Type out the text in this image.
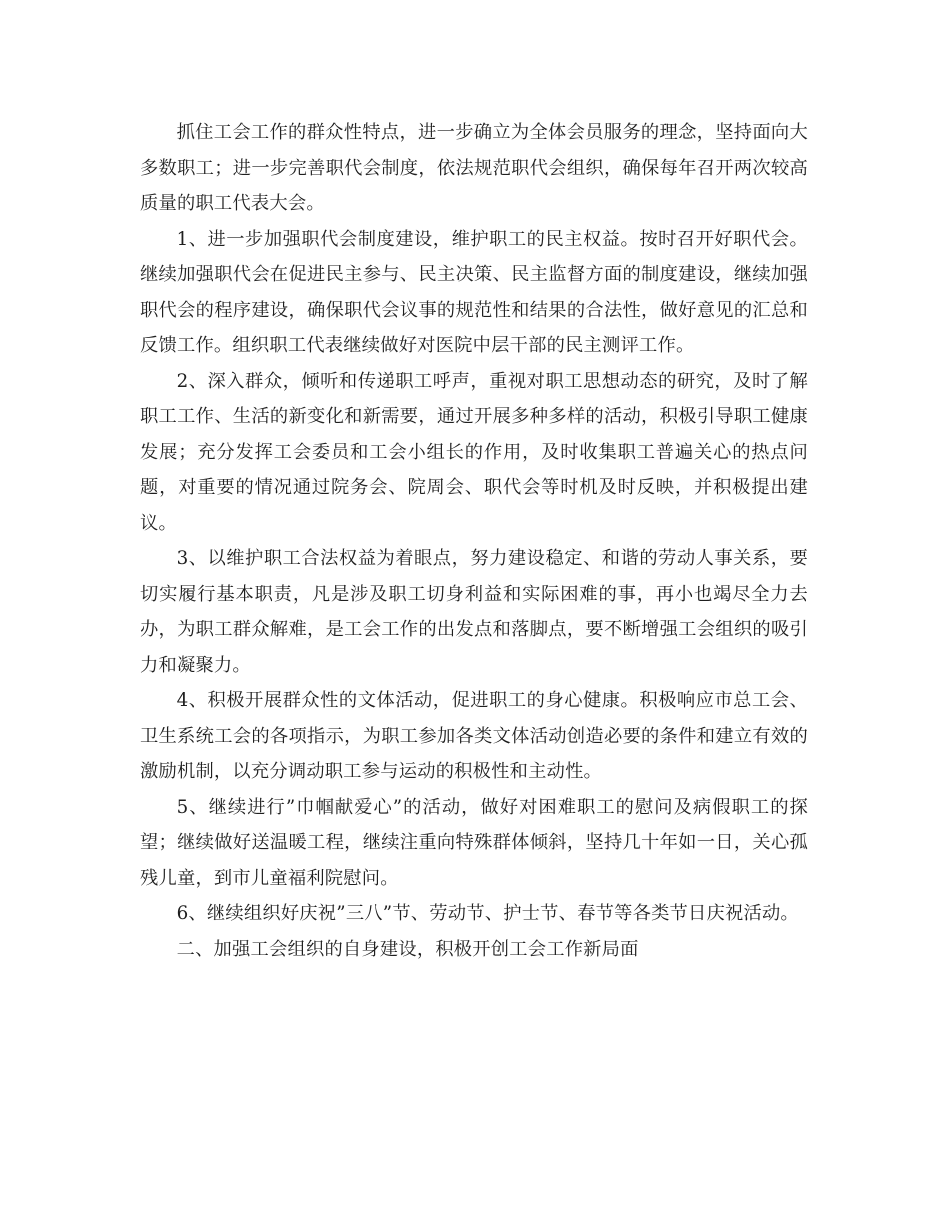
抓住工会工作的群众性特点，进一步确立为全体会员服务的理念，坚持面向大多数职工；进一步完善职代会制度，依法规范职代会组织，确保每年召开两次较高质量的职工代表大会。

1、进一步加强职代会制度建设，维护职工的民主权益。按时召开好职代会。继续加强职代会在促进民主参与、民主决策、民主监督方面的制度建设，继续加强职代会的程序建设，确保职代会议事的规范性和结果的合法性，做好意见的汇总和反馈工作。组织职工代表继续做好对医院中层干部的民主测评工作。

2、深入群众，倾听和传递职工呼声，重视对职工思想动态的研究，及时了解职工工作、生活的新变化和新需要，通过开展多种多样的活动，积极引导职工健康发展；充分发挥工会委员和工会小组长的作用，及时收集职工普遍关心的热点问题，对重要的情况通过院务会、院周会、职代会等时机及时反映，并积极提出建议。

3、以维护职工合法权益为着眼点，努力建设稳定、和谐的劳动人事关系，要切实履行基本职责，凡是涉及职工切身利益和实际困难的事，再小也竭尽全力去办，为职工群众解难，是工会工作的出发点和落脚点，要不断增强工会组织的吸引力和凝聚力。

4、积极开展群众性的文体活动，促进职工的身心健康。积极响应市总工会、卫生系统工会的各项指示，为职工参加各类文体活动创造必要的条件和建立有效的激励机制，以充分调动职工参与运动的积极性和主动性。

5、继续进行”巾帼献爱心”的活动，做好对困难职工的慰问及病假职工的探望；继续做好送温暖工程，继续注重向特殊群体倾斜，坚持几十年如一日，关心孤残儿童，到市儿童福利院慰问。

6、继续组织好庆祝”三八”节、劳动节、护士节、春节等各类节日庆祝活动。

二、加强工会组织的自身建设，积极开创工会工作新局面
